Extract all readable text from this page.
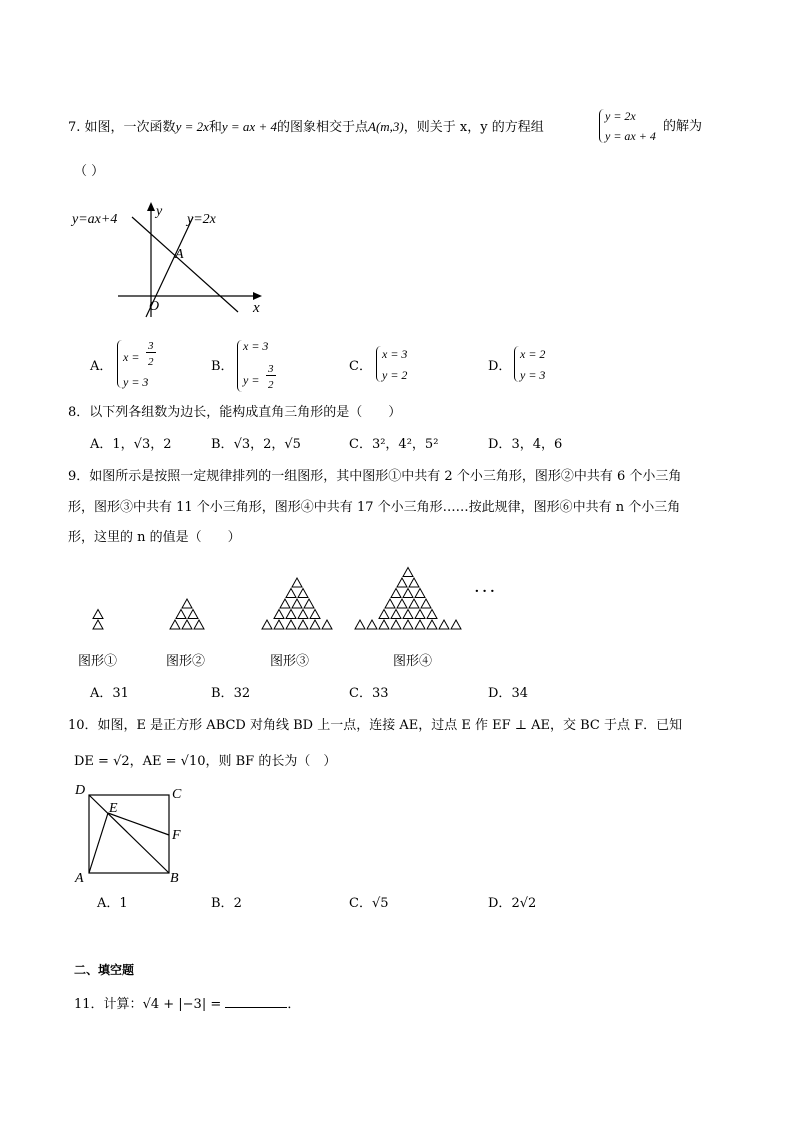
7. 如图，一次函数y = 2x和y = ax + 4的图象相交于点A(m,3)，则关于 x，y 的方程组
y = 2x
y = ax + 4
的解为
（ ）
y=ax+4	y=2x
y
x
O
A
A．
x =
3
2
y = 3
B．
x = 3
y =
3
2
C．
x = 3
y = 2
D．
x = 2
y = 3
8．以下列各组数为边长，能构成直角三角形的是（　　）
A．1，√3，2	B．√3，2，√5	C．3²，4²，5²	D．3，4，6
9．如图所示是按照一定规律排列的一组图形，其中图形①中共有 2 个小三角形，图形②中共有 6 个小三角
形，图形③中共有 11 个小三角形，图形④中共有 17 个小三角形……按此规律，图形⑥中共有 n 个小三角
形，这里的 n 的值是（　　）
···
图形①	图形②	图形③	图形④
A．31	B．32	C．33	D．34
10．如图，E 是正方形 ABCD 对角线 BD 上一点，连接 AE，过点 E 作 EF ⊥ AE，交 BC 于点 F．已知
DE = √2，AE = √10，则 BF 的长为（　）
D	C
E
F
A	B
A．1	B．2	C．√5	D．2√2
二、填空题
11．计算：√4 + |−3| =	．
